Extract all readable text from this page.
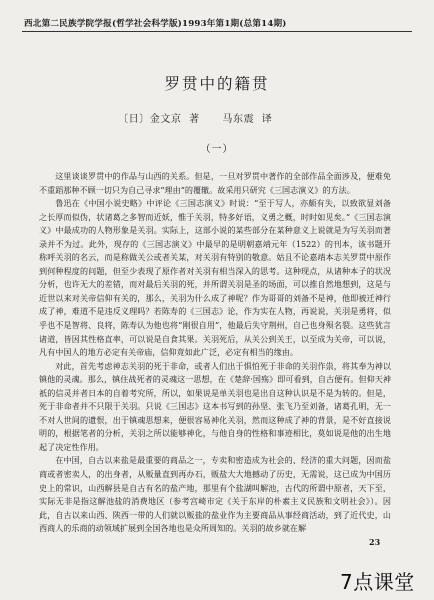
西北第二民族学院学报(哲学社会科学版)1993年第1期(总第14期)
罗贯中的籍贯
〔日〕金文京  著      马东震  译
（一）

这里谈谈罗贯中的作品与山西的关系。但是，一旦对罗贯中著作的全部作品全面涉及，便难免不重蹈那种不顾一切只为自己寻求“理由”的覆辙。故采用只研究《三国志演义》的方法。

鲁迅在《中国小说史略》中评论《三国志演义》时说：“至于写人，亦颇有失，以致欲显刘备之长厚而似伪，状诸葛之多智而近妖，惟于关羽，特多好语，义勇之概，时时如见矣。”《三国志演义》中最成功的人物形象是关羽。实际上，这部小说的某些部分在某种意义上说就是为写关羽而著录并不为过。此外，现存的《三国志演义》中最早的是明朝嘉靖元年（1522）的刊本，该书题开称呼关羽的名云，而是称做关公或者关某，对关羽有特别的敬意。姑且不论嘉靖本志关罗贯中原作到何种程度的问题，但至少表现了原作者对关羽有相当深入的思考。这种现点，从诸种本子的状况分析，也许无大的差错，而对最后关羽的死，并所谓关羽是圣的场面，可以推自然地想到，这是与近世以来对关帝信仰有关的，那么，关羽为什么成了神呢？作为哥哥的刘备不是神，他即被迁神行成了神，难道不是违反义理吗？若陈寿的《三国志》论，作为实在人物，再说说，关羽是勇将，似乎也不是智将、良将，陈寿认为他也将“刚很自用”，他最后失守荆州，自己也身殒名裂。这些犹言诸道，皆因其性格直率，可以说是自食其果。关羽死后，从关公到关王，以至成为关帝，可以说，凡有中国人的地方必定有关帝庙，信仰竟如此广泛，必定有相当的缘由。

对此，首先考虑神志关羽的死于非命，或者人们出于惧怕死于非命的关羽作祟，将其奉为神以镇他的灵魂。那么，镇住战死者的灵魂这一思想，在《楚辞·国殇》即可看到，自古便有。但仰天神祇的信灵并者日本的自着考究所，所以，如果说是单关羽也是出自这种认识是不是为转的。但是，死于非命者并不只限于关羽。只说《三国志》这本书写到的孙坚、张飞乃至刘备，诸葛孔明，无一不对人世间的遗恨，出于镇魂思想来，便很容易神化关羽，然而这种成了神的背景，是不好直接说明的，根据笔者的分析，关羽之所以能够神化，与他自身的性格和事迹相比，莫如说是他的出生地起了决定性作用。

在中国，自古以来盐是最重要的商品之一，专卖和密造成为社会的、经济的重大问题，因而盐商或者密卖人，的出身者，从贩量直到再办石，贩盐大大地撼动了历史，无需说，这已成为中国历史上的常识，山西解县是自古有名的盐产地，那里有个盐湖叫解池，古代的所谓中原者，天下至，实际无非是指这解池盐的消费地区（参考宫崎市定《关于东岸的朴素主义民族和文明社会》）。因此，自古以来山西、陕西一带的人们就以贩盐的盐业作为主要商品从事经商活动，到了近代史，山西商人的乐商的动领域扩展到全国各地也是众所周知的。关羽的故乡就在解

23
7点课堂
